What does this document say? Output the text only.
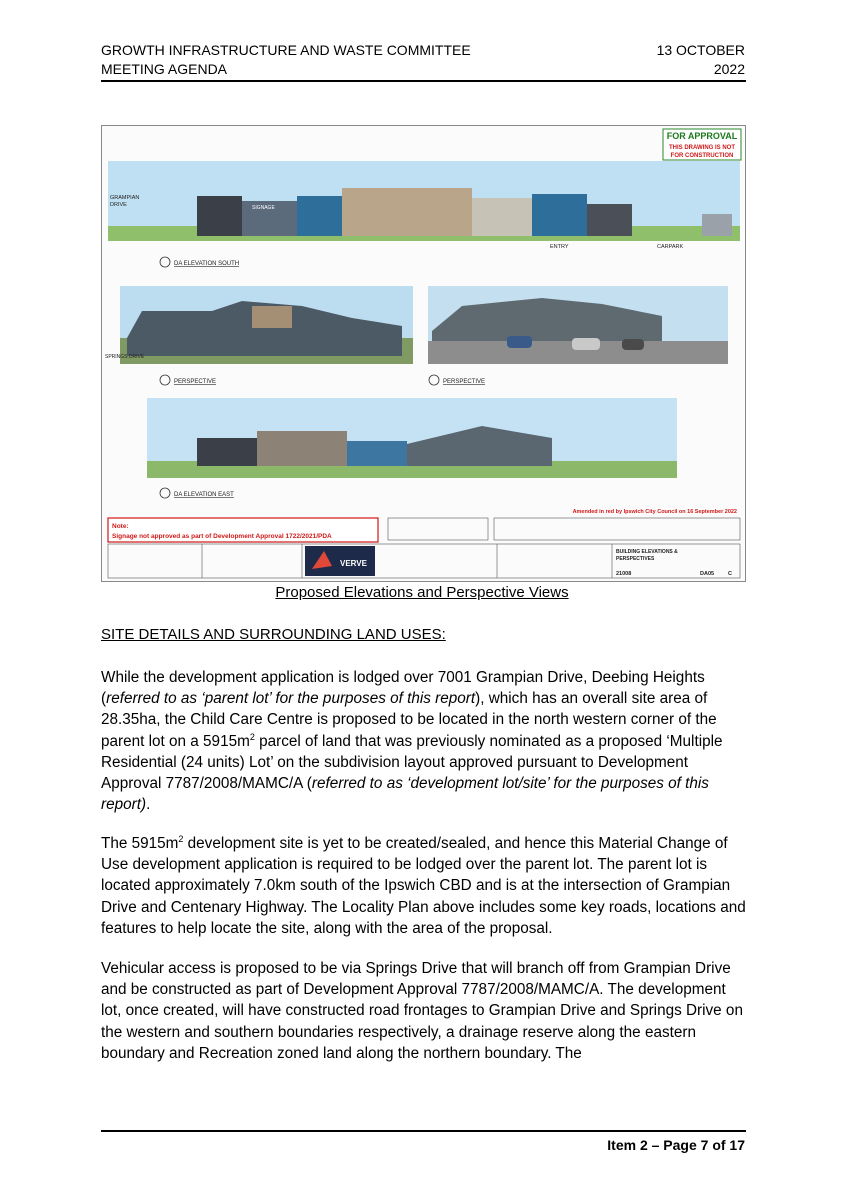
GROWTH INFRASTRUCTURE AND WASTE COMMITTEE
MEETING AGENDA
13 OCTOBER
2022
FOR APPROVAL
THIS DRAWING IS NOT
FOR CONSTRUCTION
GRAMPIAN
DRIVE
ENTRY	CARPARK
SIGNAGE
DA ELEVATION SOUTH
SPRINGS DRIVE
PERSPECTIVE	PERSPECTIVE
DA ELEVATION EAST
Amended in red by Ipswich City Council on 16 September 2022
Note:
Signage not approved as part of Development Approval 1722/2021/PDA
VERVE
BUILDING ELEVATIONS &
PERSPECTIVES
21008	DA05	C
Proposed Elevations and Perspective Views
SITE DETAILS AND SURROUNDING LAND USES:
While the development application is lodged over 7001 Grampian Drive, Deebing Heights (referred to as ‘parent lot’ for the purposes of this report), which has an overall site area of 28.35ha, the Child Care Centre is proposed to be located in the north western corner of the parent lot on a $5915m^2$ parcel of land that was previously nominated as a proposed ‘Multiple Residential (24 units) Lot’ on the subdivision layout approved pursuant to Development Approval 7787/2008/MAMC/A (referred to as ‘development lot/site’ for the purposes of this report).
The $5915m^2$ development site is yet to be created/sealed, and hence this Material Change of Use development application is required to be lodged over the parent lot. The parent lot is located approximately 7.0km south of the Ipswich CBD and is at the intersection of Grampian Drive and Centenary Highway. The Locality Plan above includes some key roads, locations and features to help locate the site, along with the area of the proposal.
Vehicular access is proposed to be via Springs Drive that will branch off from Grampian Drive and be constructed as part of Development Approval 7787/2008/MAMC/A. The development lot, once created, will have constructed road frontages to Grampian Drive and Springs Drive on the western and southern boundaries respectively, a drainage reserve along the eastern boundary and Recreation zoned land along the northern boundary. The
Item 2 – Page 7 of 17
